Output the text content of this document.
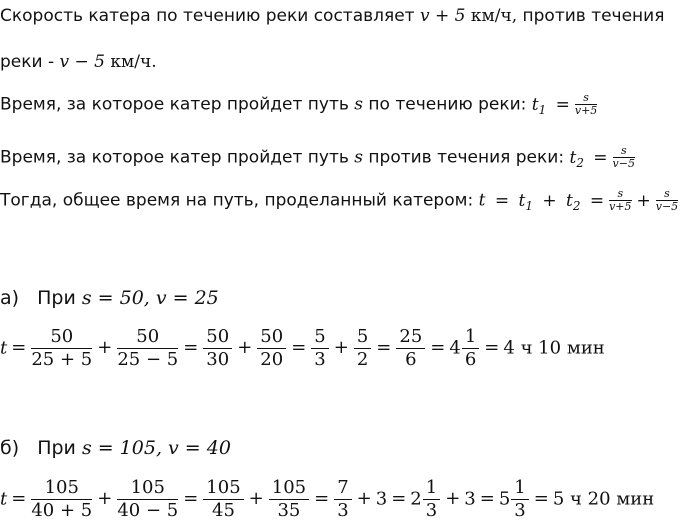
Скорость катера по течению реки составляет v + 5 км/ч, против течения
реки - v − 5 км/ч.
Время, за которое катер пройдет путь s по течению реки: $t_1 = \frac{s}{v+5}$
Время, за которое катер пройдет путь s против течения реки: $t_2 = \frac{s}{v-5}$
Тогда, общее время на путь, проделанный катером: $t = t_1 + t_2 = \frac{s}{v+5} + \frac{s}{v-5}$
а) При s = 50, v = 25
$t = \frac{50}{25 + 5} + \frac{50}{25 - 5} = \frac{50}{30} + \frac{50}{20} = \frac{5}{3} + \frac{5}{2} = \frac{25}{6} = 4 \frac{1}{6} = 4$ ч 10 мин
б) При s = 105, v = 40
$t = \frac{105}{40 + 5} + \frac{105}{40 - 5} = \frac{105}{45} + \frac{105}{35} = \frac{7}{3} + 3 = 2 \frac{1}{3} + 3 = 5 \frac{1}{3} = 5$ ч 20 мин
